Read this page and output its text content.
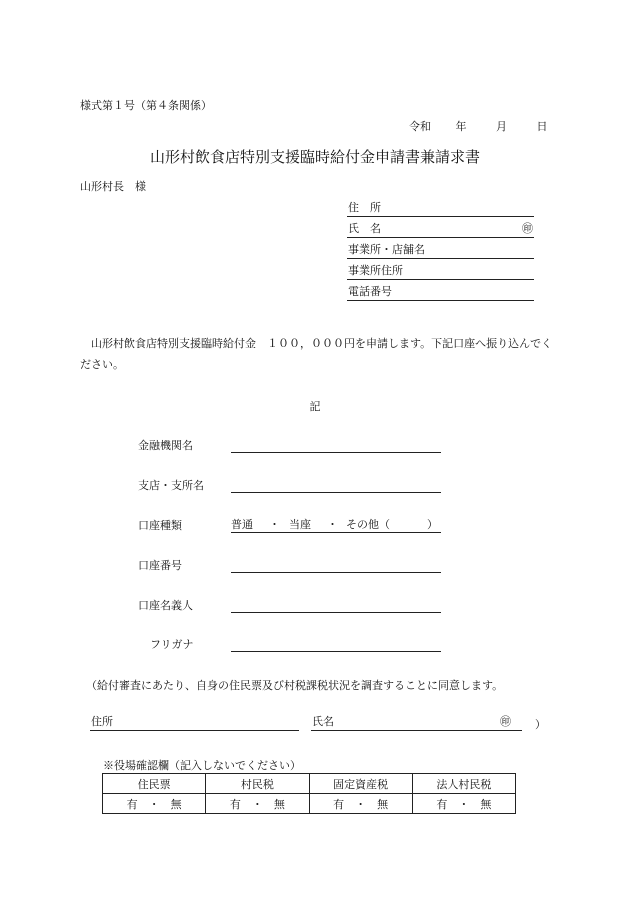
様式第１号（第４条関係）
令和 年	月	日
山形村飲食店特別支援臨時給付金申請書兼請求書
山形村長　様
住　所
氏　名	㊞
事業所・店舗名
事業所住所
電話番号
山形村飲食店特別支援臨時給付金　１００，０００円を申請します。下記口座へ振り込んでください。
記
金融機関名
支店・支所名
口座種類	普通 ・ 当座 ・ その他（	）
口座番号
口座名義人
フリガナ
（給付審査にあたり、自身の住民票及び村税課税状況を調査することに同意します。
住所	氏名	㊞ ）
※役場確認欄（記入しないでください）
住民票	村民税	固定資産税	法人村民税
有　・　無	有　・　無	有　・　無	有　・　無
